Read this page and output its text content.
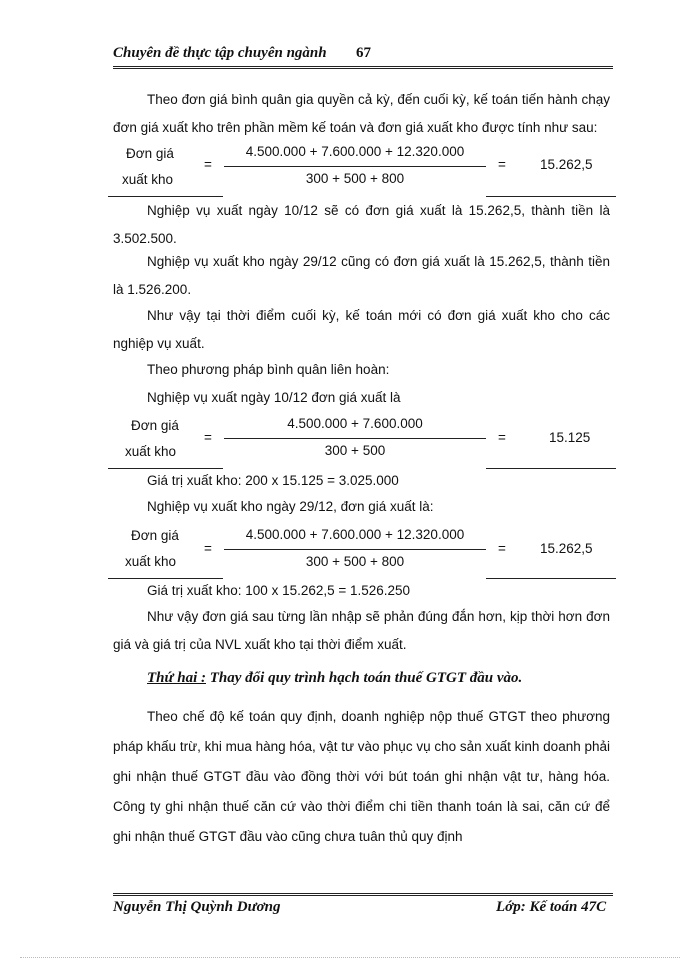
Chuyên đề thực tập chuyên ngành 67
Theo đơn giá bình quân gia quyền cả kỳ, đến cuối kỳ, kế toán tiến hành chạy đơn giá xuất kho trên phần mềm kế toán và đơn giá xuất kho được tính như sau:
Đơn giá
xuất kho
=
4.500.000 + 7.600.000 + 12.320.000
300 + 500 + 800
=	15.262,5
Nghiệp vụ xuất ngày 10/12 sẽ có đơn giá xuất là 15.262,5, thành tiền là 3.502.500.
Nghiệp vụ xuất kho ngày 29/12 cũng có đơn giá xuất là 15.262,5, thành tiền là 1.526.200.
Như vậy tại thời điểm cuối kỳ, kế toán mới có đơn giá xuất kho cho các nghiệp vụ xuất.
Theo phương pháp bình quân liên hoàn:
Nghiệp vụ xuất ngày 10/12 đơn giá xuất là
Đơn giá
xuất kho
=
4.500.000 + 7.600.000
300 + 500
=	15.125
Giá trị xuất kho: 200 x 15.125 = 3.025.000
Nghiệp vụ xuất kho ngày 29/12, đơn giá xuất là:
Đơn giá
xuất kho
=
4.500.000 + 7.600.000 + 12.320.000
300 + 500 + 800
=	15.262,5
Giá trị xuất kho: 100 x 15.262,5 = 1.526.250
Như vậy đơn giá sau từng lần nhập sẽ phản đúng đắn hơn, kịp thời hơn đơn giá và giá trị của NVL xuất kho tại thời điểm xuất.
Thứ hai : Thay đổi quy trình hạch toán thuế GTGT đầu vào.
Theo chế độ kế toán quy định, doanh nghiệp nộp thuế GTGT theo phương pháp khấu trừ, khi mua hàng hóa, vật tư vào phục vụ cho sản xuất kinh doanh phải ghi nhận thuế GTGT đầu vào đồng thời với bút toán ghi nhận vật tư, hàng hóa. Công ty ghi nhận thuế căn cứ vào thời điểm chi tiền thanh toán là sai, căn cứ để ghi nhận thuế GTGT đầu vào cũng chưa tuân thủ quy định
Nguyễn Thị Quỳnh Dương	Lớp: Kế toán 47C
